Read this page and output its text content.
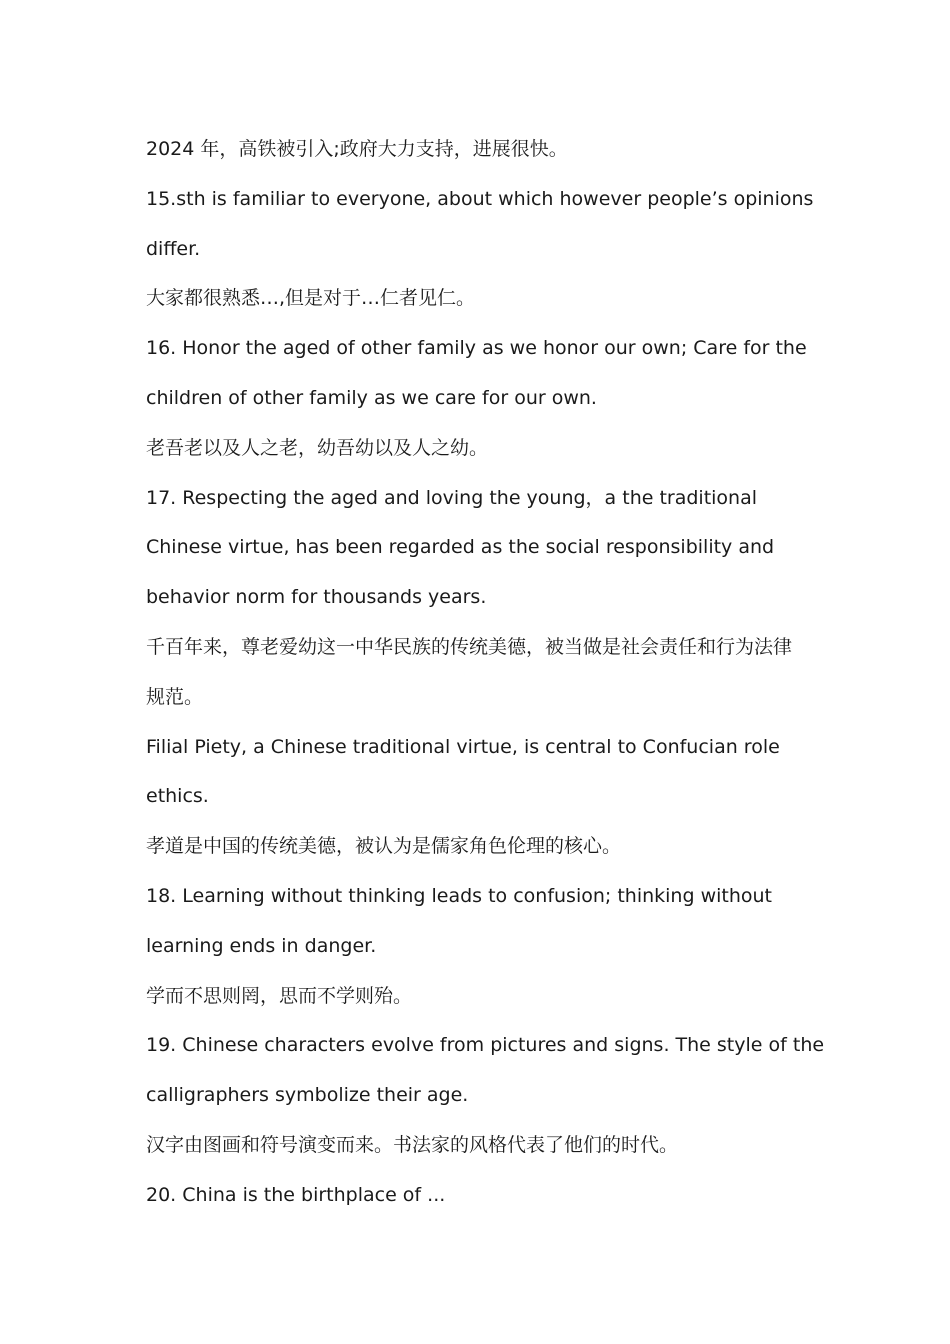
2024 年，高铁被引入;政府大力支持，进展很快。

15.sth is familiar to everyone, about which however people’s opinions

differ.

大家都很熟悉…,但是对于…仁者见仁。

16. Honor the aged of other family as we honor our own; Care for the

children of other family as we care for our own.

老吾老以及人之老，幼吾幼以及人之幼。

17. Respecting the aged and loving the young，a the traditional

Chinese virtue, has been regarded as the social responsibility and

behavior norm for thousands years.

千百年来，尊老爱幼这一中华民族的传统美德，被当做是社会责任和行为法律

规范。

Filial Piety, a Chinese traditional virtue, is central to Confucian role

ethics.

孝道是中国的传统美德，被认为是儒家角色伦理的核心。

18. Learning without thinking leads to confusion; thinking without

learning ends in danger.

学而不思则罔，思而不学则殆。

19. Chinese characters evolve from pictures and signs. The style of the

calligraphers symbolize their age.

汉字由图画和符号演变而来。书法家的风格代表了他们的时代。

20. China is the birthplace of ...
